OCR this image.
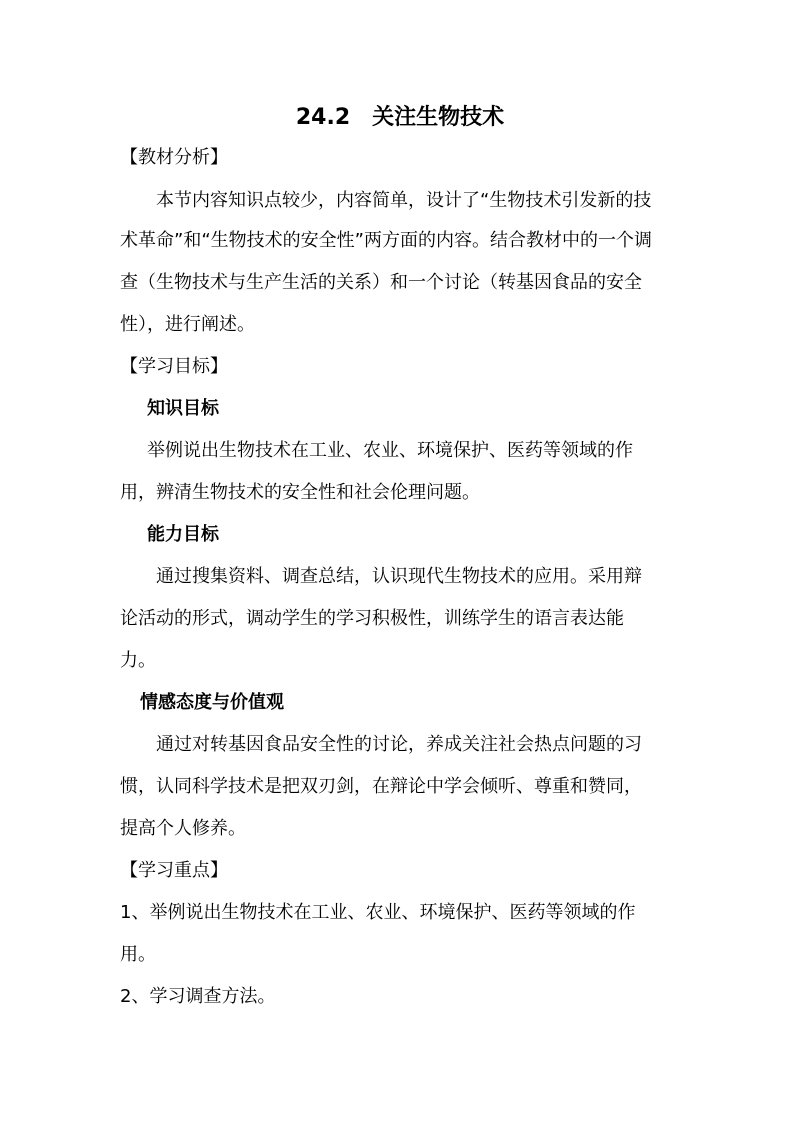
24.2　关注生物技术
【教材分析】
本节内容知识点较少，内容简单，设计了“生物技术引发新的技
术革命”和“生物技术的安全性”两方面的内容。结合教材中的一个调
查（生物技术与生产生活的关系）和一个讨论（转基因食品的安全
性），进行阐述。
【学习目标】
知识目标
举例说出生物技术在工业、农业、环境保护、医药等领域的作
用，辨清生物技术的安全性和社会伦理问题。
能力目标
通过搜集资料、调查总结，认识现代生物技术的应用。采用辩
论活动的形式，调动学生的学习积极性，训练学生的语言表达能
力。
情感态度与价值观
通过对转基因食品安全性的讨论，养成关注社会热点问题的习
惯，认同科学技术是把双刃剑，在辩论中学会倾听、尊重和赞同，
提高个人修养。
【学习重点】
1、举例说出生物技术在工业、农业、环境保护、医药等领域的作
用。
2、学习调查方法。
